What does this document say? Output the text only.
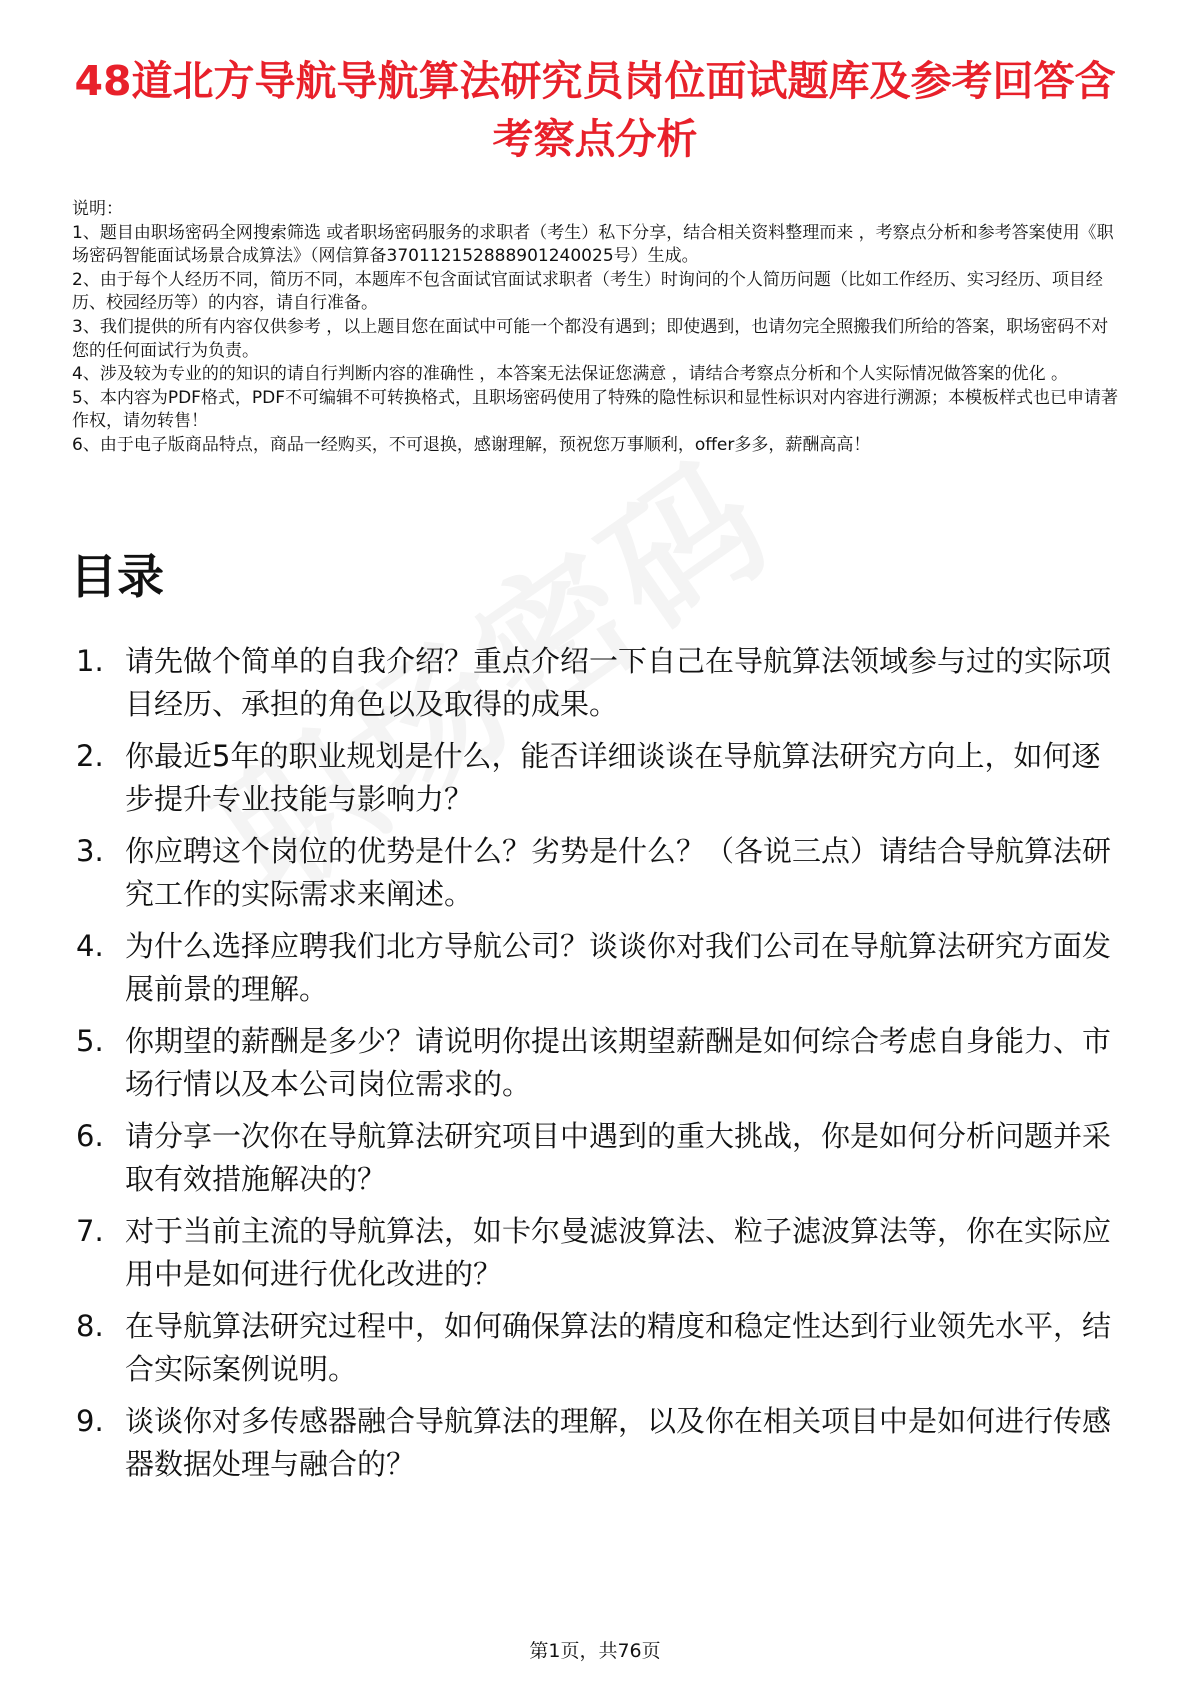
48道北方导航导航算法研究员岗位面试题库及参考回答含考察点分析

说明：

1、题目由职场密码全网搜索筛选 或者职场密码服务的求职者（考生）私下分享，结合相关资料整理而来 ，考察点分析和参考答案使用《职场密码智能面试场景合成算法》（网信算备370112152888901240025号）生成。

2、由于每个人经历不同，简历不同，本题库不包含面试官面试求职者（考生）时询问的个人简历问题（比如工作经历、实习经历、项目经历、校园经历等）的内容，请自行准备。

3、我们提供的所有内容仅供参考 ，以上题目您在面试中可能一个都没有遇到；即使遇到，也请勿完全照搬我们所给的答案，职场密码不对您的任何面试行为负责。

4、涉及较为专业的的知识的请自行判断内容的准确性 ，本答案无法保证您满意 ，请结合考察点分析和个人实际情况做答案的优化 。

5、本内容为PDF格式，PDF不可编辑不可转换格式，且职场密码使用了特殊的隐性标识和显性标识对内容进行溯源；本模板样式也已申请著作权，请勿转售！

6、由于电子版商品特点，商品一经购买，不可退换，感谢理解，预祝您万事顺利，offer多多，薪酬高高！

目录
1. 请先做个简单的自我介绍？重点介绍一下自己在导航算法领域参与过的实际项目经历、承担的角色以及取得的成果。
2. 你最近5年的职业规划是什么，能否详细谈谈在导航算法研究方向上，如何逐步提升专业技能与影响力？
3. 你应聘这个岗位的优势是什么？劣势是什么？（各说三点）请结合导航算法研究工作的实际需求来阐述。
4. 为什么选择应聘我们北方导航公司？谈谈你对我们公司在导航算法研究方面发展前景的理解。
5. 你期望的薪酬是多少？请说明你提出该期望薪酬是如何综合考虑自身能力、市场行情以及本公司岗位需求的。
6. 请分享一次你在导航算法研究项目中遇到的重大挑战，你是如何分析问题并采取有效措施解决的？
7. 对于当前主流的导航算法，如卡尔曼滤波算法、粒子滤波算法等，你在实际应用中是如何进行优化改进的？
8. 在导航算法研究过程中，如何确保算法的精度和稳定性达到行业领先水平，结合实际案例说明。
9. 谈谈你对多传感器融合导航算法的理解，以及你在相关项目中是如何进行传感器数据处理与融合的？
第1页，共76页
